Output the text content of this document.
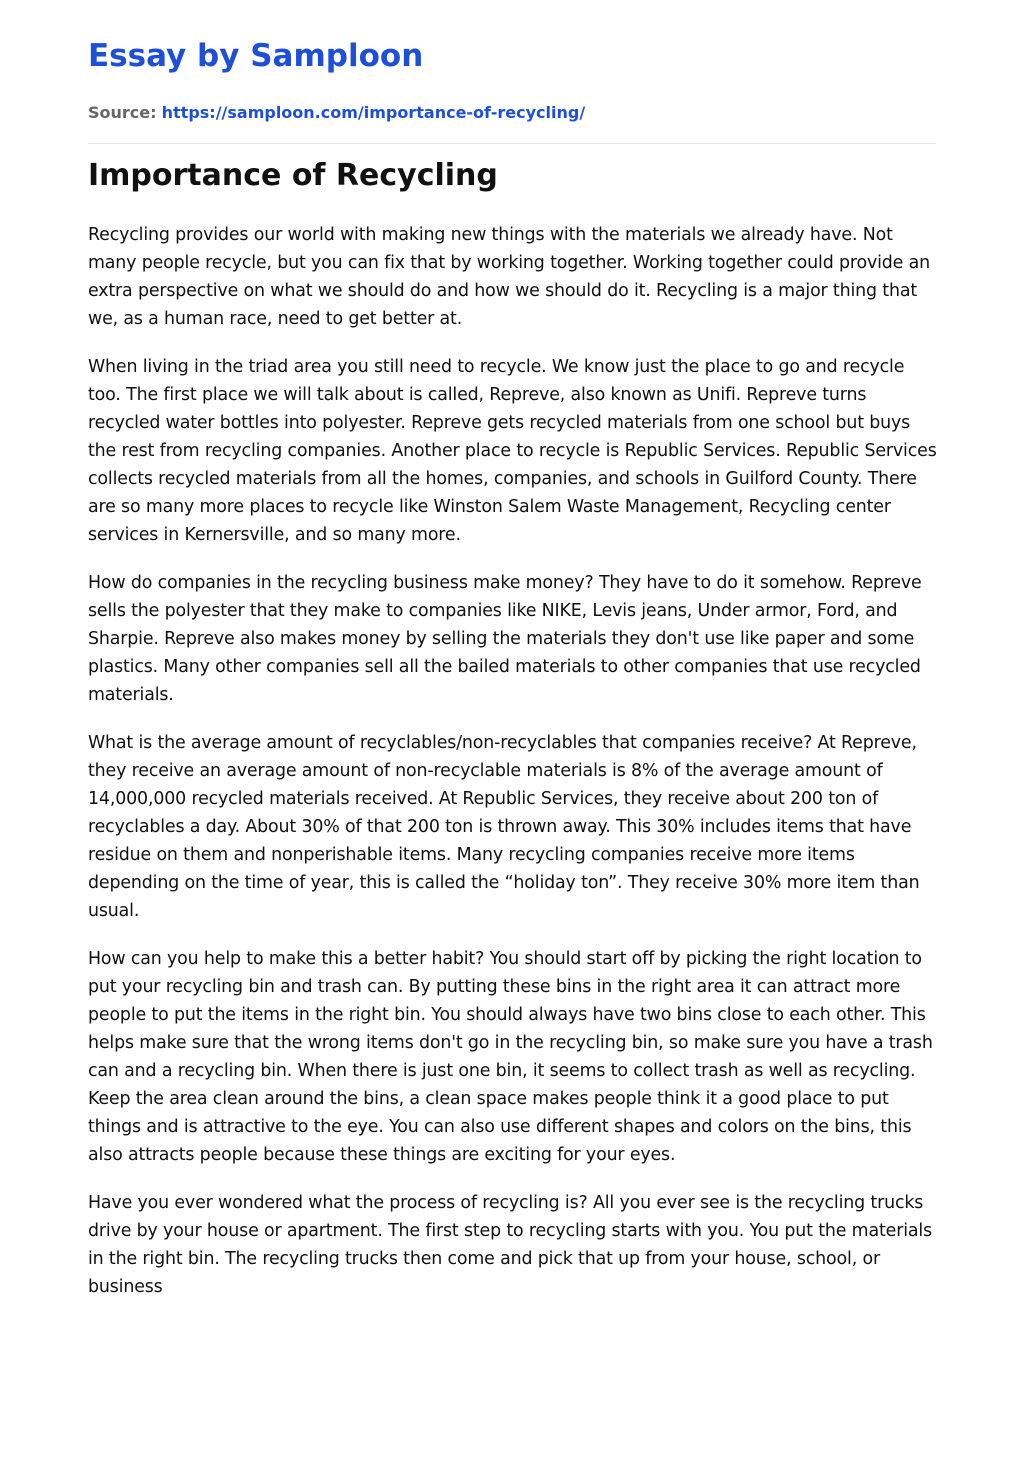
Essay by Samploon
Source: https://samploon.com/importance-of-recycling/
Importance of Recycling

Recycling provides our world with making new things with the materials we already have. Not many people recycle, but you can fix that by working together. Working together could provide an extra perspective on what we should do and how we should do it. Recycling is a major thing that we, as a human race, need to get better at.

When living in the triad area you still need to recycle. We know just the place to go and recycle too. The first place we will talk about is called, Repreve, also known as Unifi. Repreve turns recycled water bottles into polyester. Repreve gets recycled materials from one school but buys the rest from recycling companies. Another place to recycle is Republic Services. Republic Services collects recycled materials from all the homes, companies, and schools in Guilford County. There are so many more places to recycle like Winston Salem Waste Management, Recycling center services in Kernersville, and so many more.

How do companies in the recycling business make money? They have to do it somehow. Repreve sells the polyester that they make to companies like NIKE, Levis jeans, Under armor, Ford, and Sharpie. Repreve also makes money by selling the materials they don't use like paper and some plastics. Many other companies sell all the bailed materials to other companies that use recycled materials.

What is the average amount of recyclables/non-recyclables that companies receive? At Repreve, they receive an average amount of non-recyclable materials is 8% of the average amount of 14,000,000 recycled materials received. At Republic Services, they receive about 200 ton of recyclables a day. About 30% of that 200 ton is thrown away. This 30% includes items that have residue on them and nonperishable items. Many recycling companies receive more items depending on the time of year, this is called the “holiday ton”. They receive 30% more item than usual.

How can you help to make this a better habit? You should start off by picking the right location to put your recycling bin and trash can. By putting these bins in the right area it can attract more people to put the items in the right bin. You should always have two bins close to each other. This helps make sure that the wrong items don't go in the recycling bin, so make sure you have a trash can and a recycling bin. When there is just one bin, it seems to collect trash as well as recycling. Keep the area clean around the bins, a clean space makes people think it a good place to put things and is attractive to the eye. You can also use different shapes and colors on the bins, this also attracts people because these things are exciting for your eyes.

Have you ever wondered what the process of recycling is? All you ever see is the recycling trucks drive by your house or apartment. The first step to recycling starts with you. You put the materials in the right bin. The recycling trucks then come and pick that up from your house, school, or business
